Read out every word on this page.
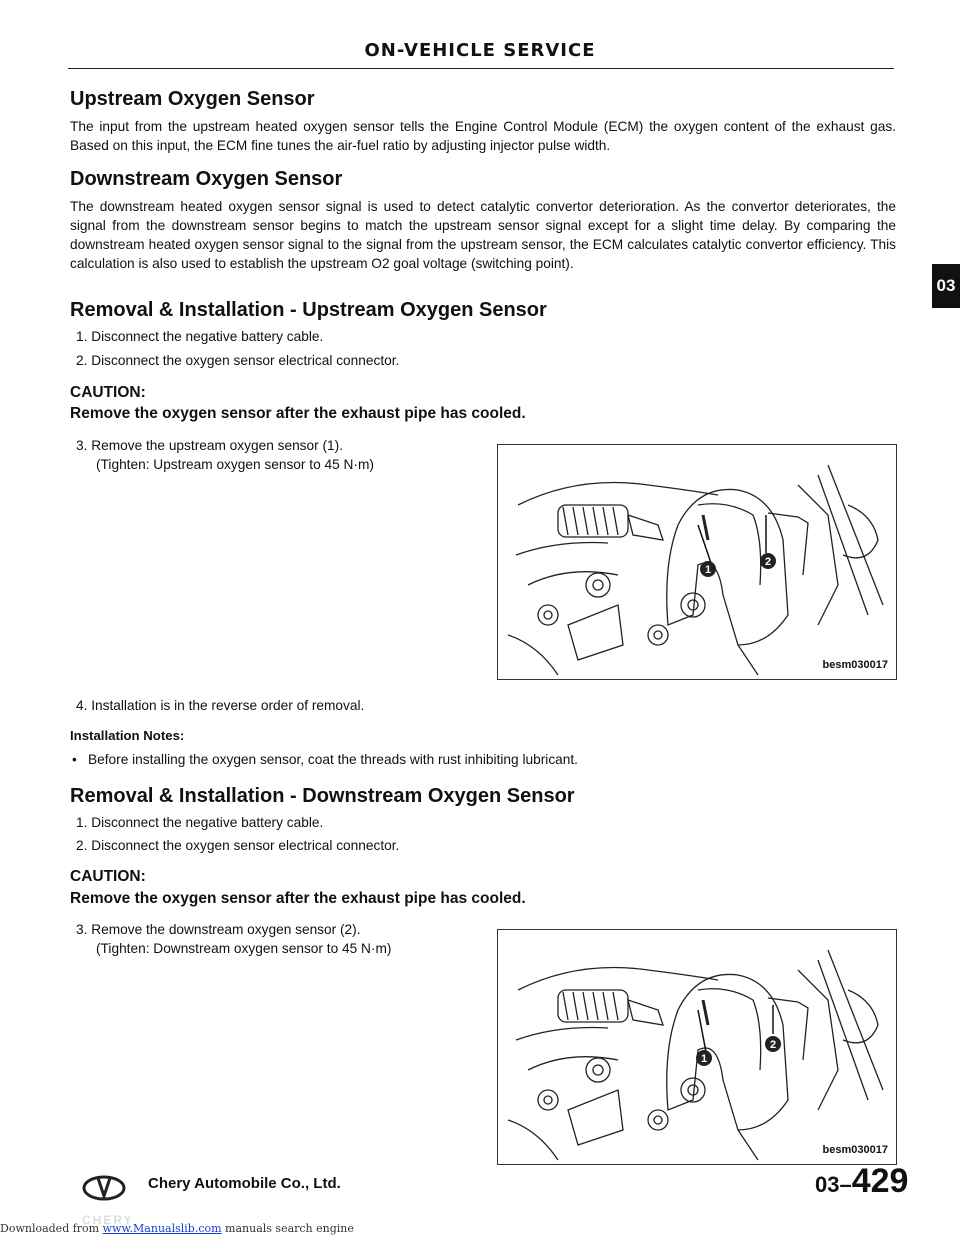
ON-VEHICLE SERVICE
Upstream Oxygen Sensor
The input from the upstream heated oxygen sensor tells the Engine Control Module (ECM) the oxygen content of the exhaust gas. Based on this input, the ECM fine tunes the air-fuel ratio by adjusting injector pulse width.
Downstream Oxygen Sensor
The downstream heated oxygen sensor signal is used to detect catalytic convertor deterioration. As the convertor deteriorates, the signal from the downstream sensor begins to match the upstream sensor signal except for a slight time delay. By comparing the downstream heated oxygen sensor signal to the signal from the upstream sensor, the ECM calculates catalytic convertor efficiency. This calculation is also used to establish the upstream O2 goal voltage (switching point).
Removal & Installation - Upstream Oxygen Sensor
1. Disconnect the negative battery cable.
2. Disconnect the oxygen sensor electrical connector.
CAUTION:
Remove the oxygen sensor after the exhaust pipe has cooled.
3. Remove the upstream oxygen sensor (1).
(Tighten: Upstream oxygen sensor to 45 N·m)
1
2
besm030017
4. Installation is in the reverse order of removal.
Installation Notes:
• Before installing the oxygen sensor, coat the threads with rust inhibiting lubricant.
Removal & Installation - Downstream Oxygen Sensor
1. Disconnect the negative battery cable.
2. Disconnect the oxygen sensor electrical connector.
CAUTION:
Remove the oxygen sensor after the exhaust pipe has cooled.
3. Remove the downstream oxygen sensor (2).
(Tighten: Downstream oxygen sensor to 45 N·m)
1
2
besm030017
03
CHERY
Chery Automobile Co., Ltd.	03–429
Downloaded from www.Manualslib.com manuals search engine
